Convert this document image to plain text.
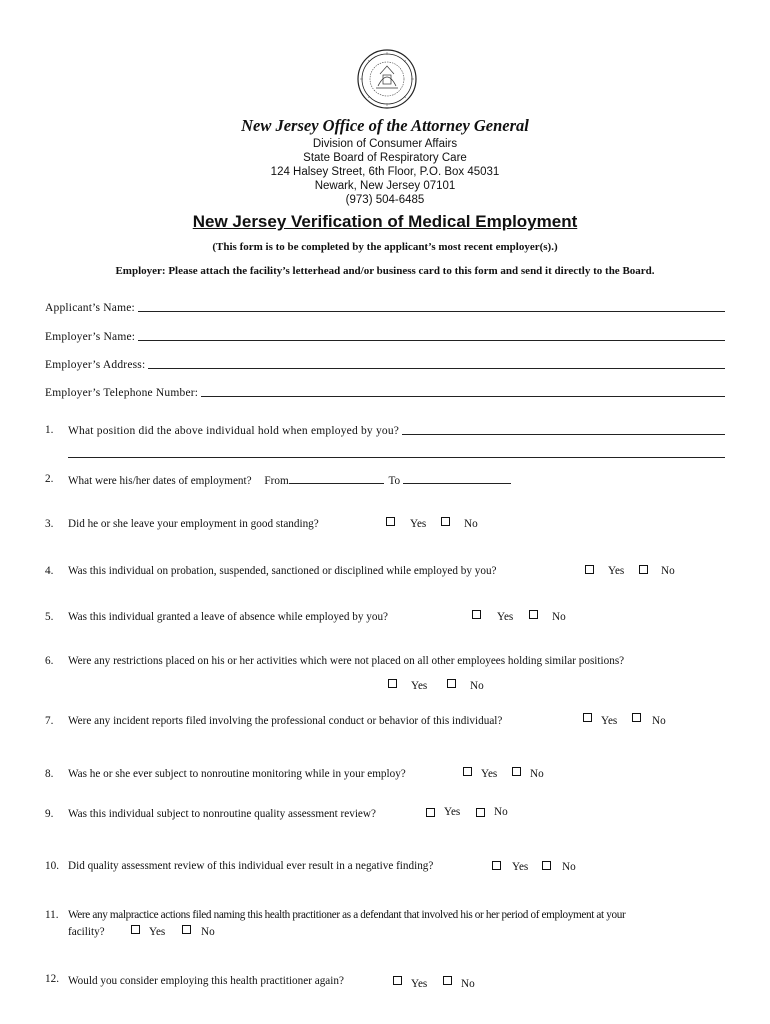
New Jersey Office of the Attorney General
Division of Consumer Affairs
State Board of Respiratory Care
124 Halsey Street, 6th Floor, P.O. Box 45031
Newark, New Jersey 07101
(973) 504-6485
New Jersey Verification of Medical Employment
(This form is to be completed by the applicant’s most recent employer(s).)
Employer: Please attach the facility’s letterhead and/or business card to this form and send it directly to the Board.
Applicant’s Name:
Employer’s Name:
Employer’s Address:
Employer’s Telephone Number:
1. What position did the above individual hold when employed by you?
2. What were his/her dates of employment? From	To
3. Did he or she leave your employment in good standing?	Yes	No
4. Was this individual on probation, suspended, sanctioned or disciplined while employed by you?	Yes	No
5. Was this individual granted a leave of absence while employed by you?	Yes	No
6. Were any restrictions placed on his or her activities which were not placed on all other employees holding similar positions?
Yes	No
7. Were any incident reports filed involving the professional conduct or behavior of this individual?	Yes	No
8. Was he or she ever subject to nonroutine monitoring while in your employ?	Yes	No
9. Was this individual subject to nonroutine quality assessment review?	Yes	No
10. Did quality assessment review of this individual ever result in a negative finding?	Yes	No
11. Were any malpractice actions filed naming this health practitioner as a defendant that involved his or her period of employment at your
facility?	Yes	No
12. Would you consider employing this health practitioner again?	Yes	No
